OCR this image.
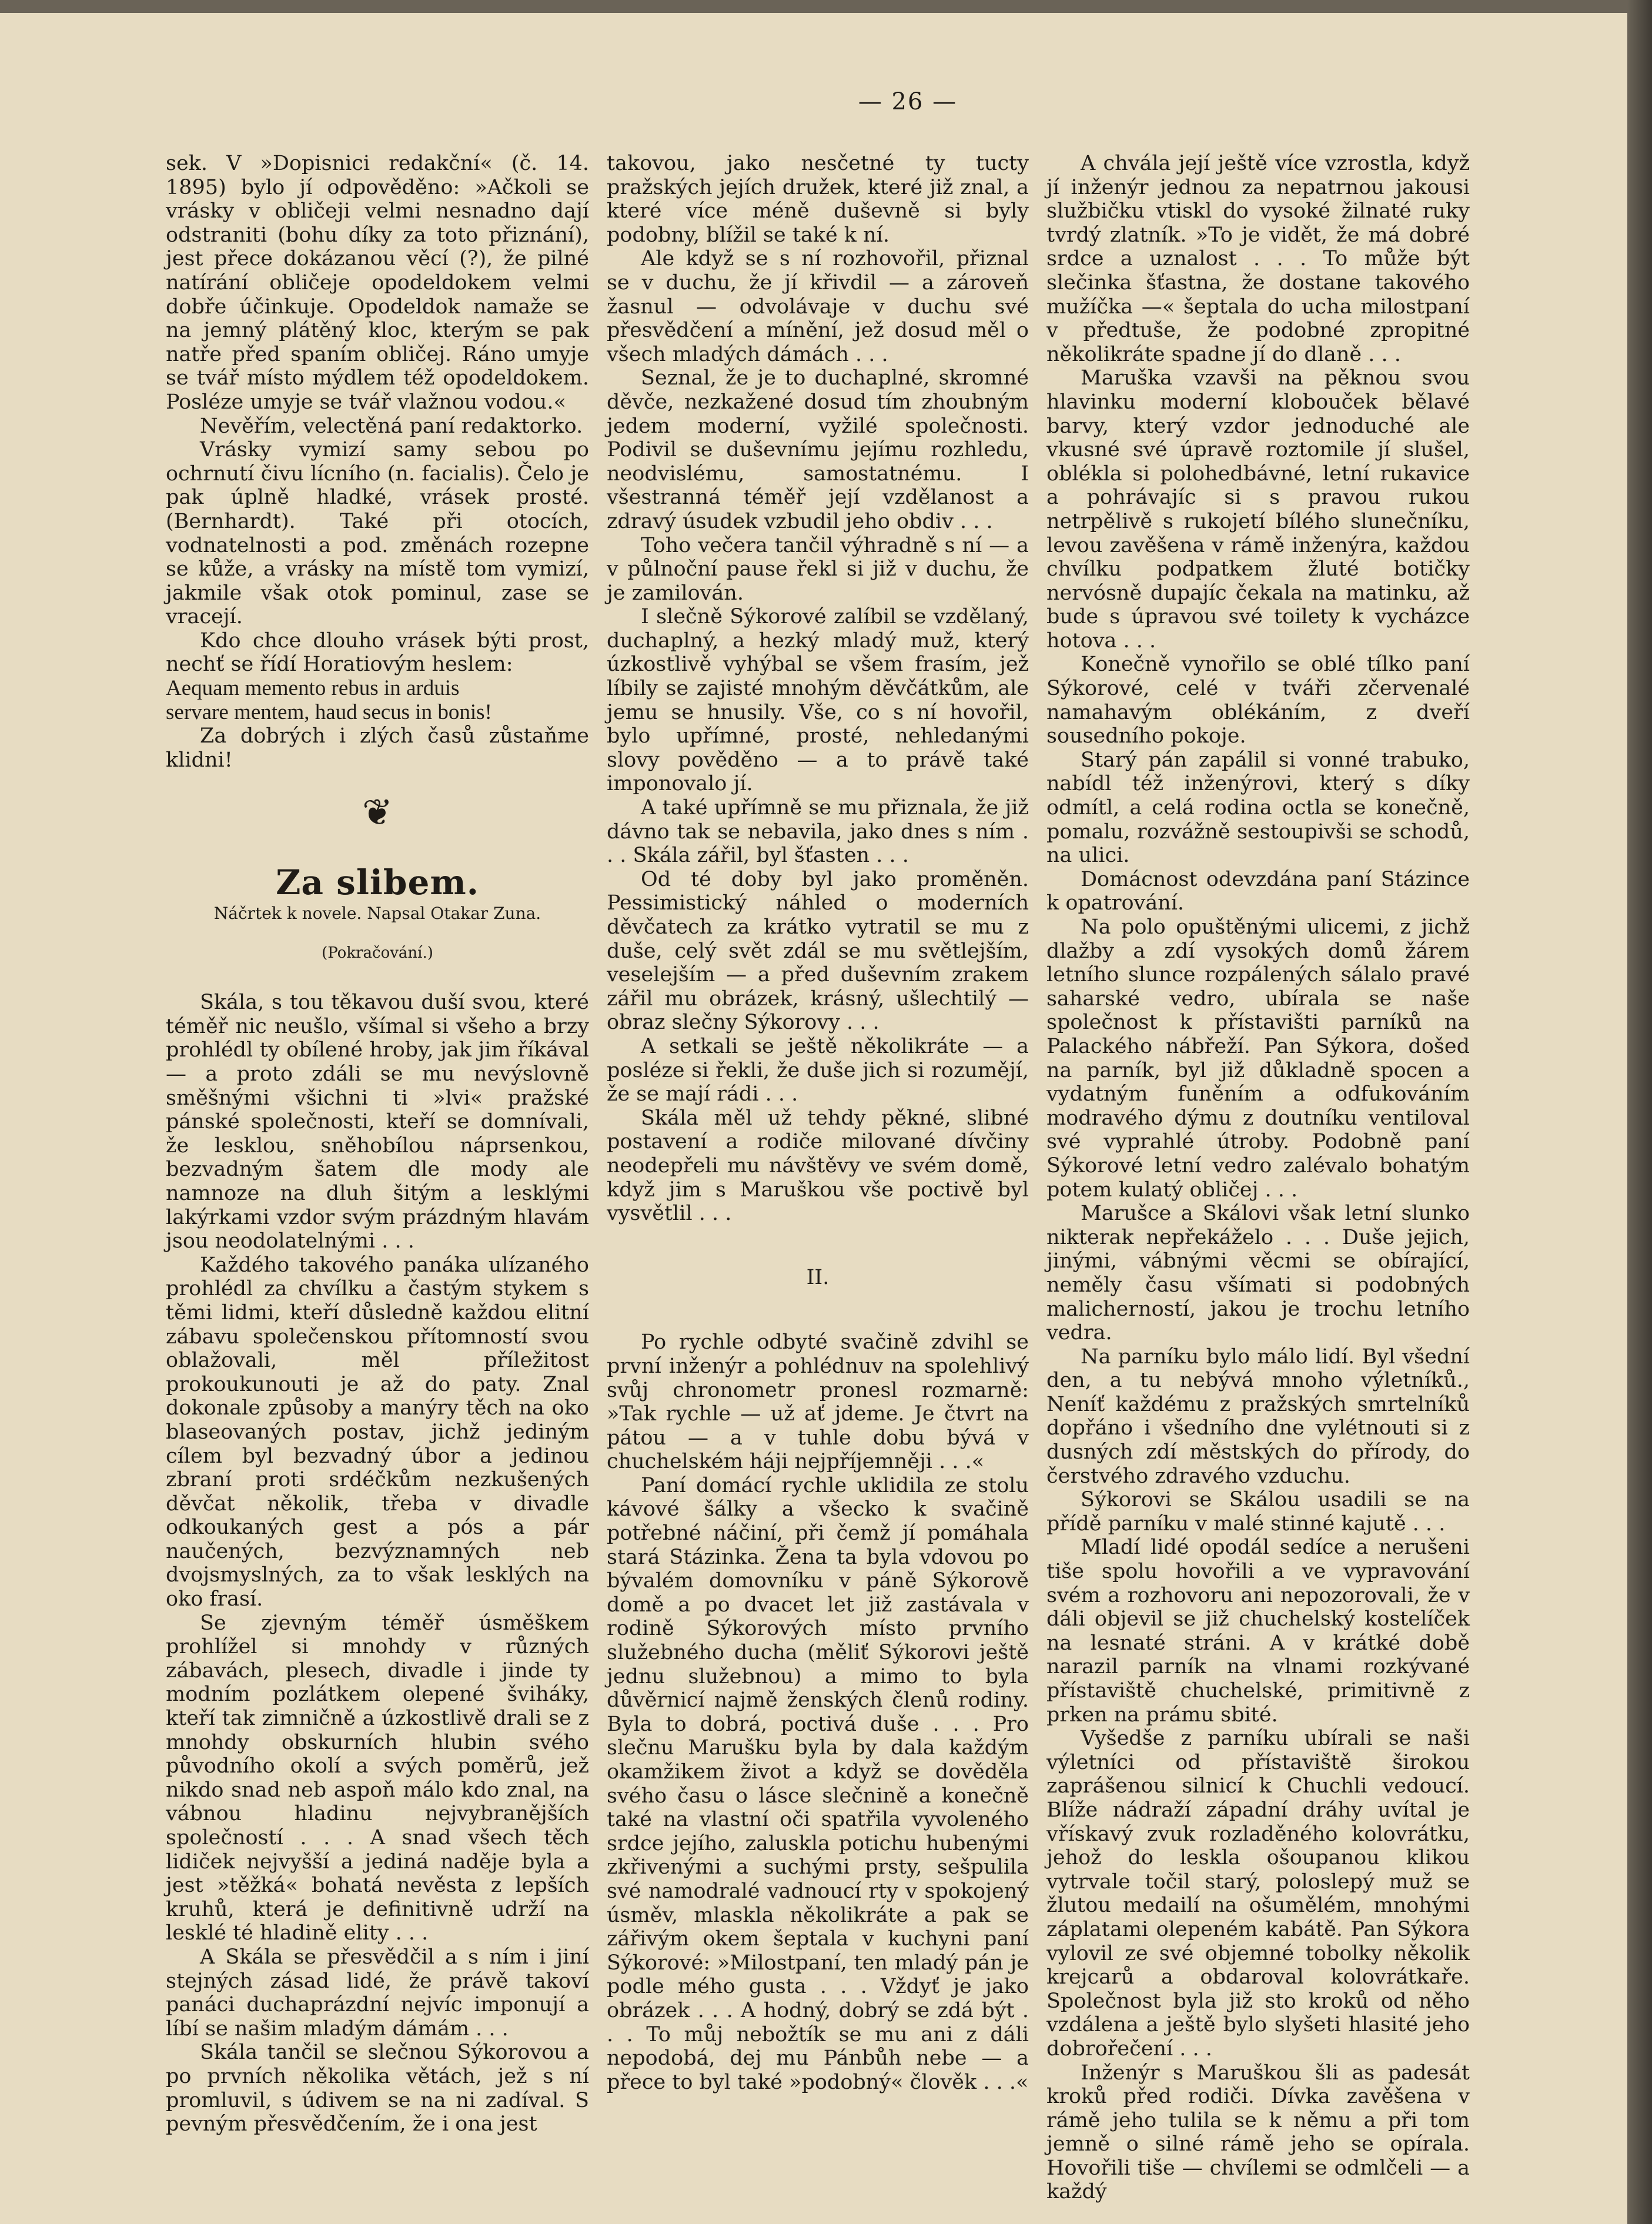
— 26 —

sek. V »Dopisnici redakční« (č. 14. 1895) bylo jí odpověděno: »Ačkoli se vrásky v obličeji velmi nesnadno dají odstraniti (bohu díky za toto přiznání), jest přece dokázanou věcí (?), že pilné natírání obličeje opodeldokem velmi dobře účinkuje. Opodeldok namaže se na jemný plátěný kloc, kterým se pak natře před spaním obličej. Ráno umyje se tvář místo mýdlem též opodeldokem. Posléze umyje se tvář vlažnou vodou.«

Nevěřím, velectěná paní redaktorko.

Vrásky vymizí samy sebou po ochrnutí čivu lícního (n. facialis). Čelo je pak úplně hladké, vrásek prosté. (Bernhardt). Také při otocích, vodnatelnosti a pod. změnách rozepne se kůže, a vrásky na místě tom vymizí, jakmile však otok pominul, zase se vracejí.

Kdo chce dlouho vrásek býti prost, nechť se řídí Horatiovým heslem:

Aequam memento rebus in arduis

servare mentem, haud secus in bonis!

Za dobrých i zlých časů zůstaňme klidni!

❦
Za slibem.
Náčrtek k novele. Napsal Otakar Zuna.
(Pokračování.)

Skála, s tou těkavou duší svou, které téměř nic neušlo, všímal si všeho a brzy prohlédl ty obílené hroby, jak jim říkával — a proto zdáli se mu nevýslovně směšnými všichni ti »lvi« pražské pánské společnosti, kteří se domnívali, že lesklou, sněhobílou náprsenkou, bezvadným šatem dle mody ale namnoze na dluh šitým a lesklými lakýrkami vzdor svým prázdným hlavám jsou neodolatelnými . . .

Každého takového panáka ulízaného prohlédl za chvílku a častým stykem s těmi lidmi, kteří důsledně každou elitní zábavu společenskou přítomností svou oblažovali, měl příležitost prokoukunouti je až do paty. Znal dokonale způsoby a manýry těch na oko blaseovaných postav, jichž jediným cílem byl bezvadný úbor a jedinou zbraní proti srdéčkům nezkušených děvčat několik, třeba v divadle odkoukaných gest a pós a pár naučených, bezvýznamných neb dvojsmyslných, za to však lesklých na oko frasí.

Se zjevným téměř úsměškem prohlížel si mnohdy v různých zábavách, plesech, divadle i jinde ty modním pozlátkem olepené šviháky, kteří tak zimničně a úzkostlivě drali se z mnohdy obskurních hlubin svého původního okolí a svých poměrů, jež nikdo snad neb aspoň málo kdo znal, na vábnou hladinu nejvybranějších společností . . . A snad všech těch lidiček nejvyšší a jediná naděje byla a jest »těžká« bohatá nevěsta z lepších kruhů, která je definitivně udrží na lesklé té hladině elity . . .

A Skála se přesvědčil a s ním i jiní stejných zásad lidé, že právě takoví panáci duchaprázdní nejvíc imponují a líbí se našim mladým dámám . . .

Skála tančil se slečnou Sýkorovou a po prvních několika větách, jež s ní promluvil, s údivem se na ni zadíval. S pevným přesvědčením, že i ona jest

takovou, jako nesčetné ty tucty pražských jejích družek, které již znal, a které více méně duševně si byly podobny, blížil se také k ní.

Ale když se s ní rozhovořil, přiznal se v duchu, že jí křivdil — a zároveň žasnul — odvolávaje v duchu své přesvědčení a mínění, jež dosud měl o všech mladých dámách . . .

Seznal, že je to duchaplné, skromné děvče, nezkažené dosud tím zhoubným jedem moderní, vyžilé společnosti. Podivil se duševnímu jejímu rozhledu, neodvislému, samostatnému. I všestranná téměř její vzdělanost a zdravý úsudek vzbudil jeho obdiv . . .

Toho večera tančil výhradně s ní — a v půlnoční pause řekl si již v duchu, že je zamilován.

I slečně Sýkorové zalíbil se vzdělaný, duchaplný, a hezký mladý muž, který úzkostlivě vyhýbal se všem frasím, jež líbily se zajisté mnohým děvčátkům, ale jemu se hnusily. Vše, co s ní hovořil, bylo upřímné, prosté, nehledanými slovy pověděno — a to právě také imponovalo jí.

A také upřímně se mu přiznala, že již dávno tak se nebavila, jako dnes s ním . . . Skála zářil, byl šťasten . . .

Od té doby byl jako proměněn. Pessimistický náhled o moderních děvčatech za krátko vytratil se mu z duše, celý svět zdál se mu světlejším, veselejším — a před duševním zrakem zářil mu obrázek, krásný, ušlechtilý — obraz slečny Sýkorovy . . .

A setkali se ještě několikráte — a posléze si řekli, že duše jich si rozumějí, že se mají rádi . . .

Skála měl už tehdy pěkné, slibné postavení a rodiče milované dívčiny neodepřeli mu návštěvy ve svém domě, když jim s Maruškou vše poctivě byl vysvětlil . . .

II.

Po rychle odbyté svačině zdvihl se první inženýr a pohlédnuv na spolehlivý svůj chronometr pronesl rozmarně: »Tak rychle — už ať jdeme. Je čtvrt na pátou — a v tuhle dobu bývá v chuchelském háji nejpříjemněji . . .«

Paní domácí rychle uklidila ze stolu kávové šálky a všecko k svačině potřebné náčiní, při čemž jí pomáhala stará Stázinka. Žena ta byla vdovou po bývalém domovníku v páně Sýkorově domě a po dvacet let již zastávala v rodině Sýkorových místo prvního služebného ducha (měliť Sýkorovi ještě jednu služebnou) a mimo to byla důvěrnicí najmě ženských členů rodiny. Byla to dobrá, poctivá duše . . . Pro slečnu Marušku byla by dala každým okamžikem život a když se dověděla svého času o lásce slečnině a konečně také na vlastní oči spatřila vyvoleného srdce jejího, zaluskla potichu hubenými zkřivenými a suchými prsty, sešpulila své namodralé vadnoucí rty v spokojený úsměv, mlaskla několikráte a pak se zářivým okem šeptala v kuchyni paní Sýkorové: »Milostpaní, ten mladý pán je podle mého gusta . . . Vždyť je jako obrázek . . . A hodný, dobrý se zdá být . . . To můj nebožtík se mu ani z dáli nepodobá, dej mu Pánbůh nebe — a přece to byl také »podobný« člověk . . .«

A chvála její ještě více vzrostla, když jí inženýr jednou za nepatrnou jakousi službičku vtiskl do vysoké žilnaté ruky tvrdý zlatník. »To je vidět, že má dobré srdce a uznalost . . . To může být slečinka šťastna, že dostane takového mužíčka —« šeptala do ucha milostpaní v předtuše, že podobné zpropitné několikráte spadne jí do dlaně . . .

Maruška vzavši na pěknou svou hlavinku moderní klobouček bělavé barvy, který vzdor jednoduché ale vkusné své úpravě roztomile jí slušel, oblékla si polohedbávné, letní rukavice a pohrávajíc si s pravou rukou netrpělivě s rukojetí bílého slunečníku, levou zavěšena v rámě inženýra, každou chvílku podpatkem žluté botičky nervósně dupajíc čekala na matinku, až bude s úpravou své toilety k vycházce hotova . . .

Konečně vynořilo se oblé tílko paní Sýkorové, celé v tváři zčervenalé namahavým oblékáním, z dveří sousedního pokoje.

Starý pán zapálil si vonné trabuko, nabídl též inženýrovi, který s díky odmítl, a celá rodina octla se konečně, pomalu, rozvážně sestoupivši se schodů, na ulici.

Domácnost odevzdána paní Stázince k opatrování.

Na polo opuštěnými ulicemi, z jichž dlažby a zdí vysokých domů žárem letního slunce rozpálených sálalo pravé saharské vedro, ubírala se naše společnost k přístavišti parníků na Palackého nábřeží. Pan Sýkora, došed na parník, byl již důkladně spocen a vydatným funěním a odfukováním modravého dýmu z doutníku ventiloval své vyprahlé útroby. Podobně paní Sýkorové letní vedro zalévalo bohatým potem kulatý obličej . . .

Marušce a Skálovi však letní slunko nikterak nepřekáželo . . . Duše jejich, jinými, vábnými věcmi se obírající, neměly času všímati si podobných malicherností, jakou je trochu letního vedra.

Na parníku bylo málo lidí. Byl všední den, a tu nebývá mnoho výletníků., Neníť každému z pražských smrtelníků dopřáno i všedního dne vylétnouti si z dusných zdí městských do přírody, do čerstvého zdravého vzduchu.

Sýkorovi se Skálou usadili se na přídě parníku v malé stinné kajutě . . .

Mladí lidé opodál sedíce a nerušeni tiše spolu hovořili a ve vypravování svém a rozhovoru ani nepozorovali, že v dáli objevil se již chuchelský kostelíček na lesnaté stráni. A v krátké době narazil parník na vlnami rozkývané přístaviště chuchelské, primitivně z prken na prámu sbité.

Vyšedše z parníku ubírali se naši výletníci od přístaviště širokou zaprášenou silnicí k Chuchli vedoucí. Blíže nádraží západní dráhy uvítal je vřískavý zvuk rozladěného kolovrátku, jehož do leskla ošoupanou klikou vytrvale točil starý, poloslepý muž se žlutou medailí na ošumělém, mnohými záplatami olepeném kabátě. Pan Sýkora vylovil ze své objemné tobolky několik krejcarů a obdaroval kolovrátkaře. Společnost byla již sto kroků od něho vzdálena a ještě bylo slyšeti hlasité jeho dobrořečení . . .

Inženýr s Maruškou šli as padesát kroků před rodiči. Dívka zavěšena v rámě jeho tulila se k němu a při tom jemně o silné rámě jeho se opírala. Hovořili tiše — chvílemi se odmlčeli — a každý
